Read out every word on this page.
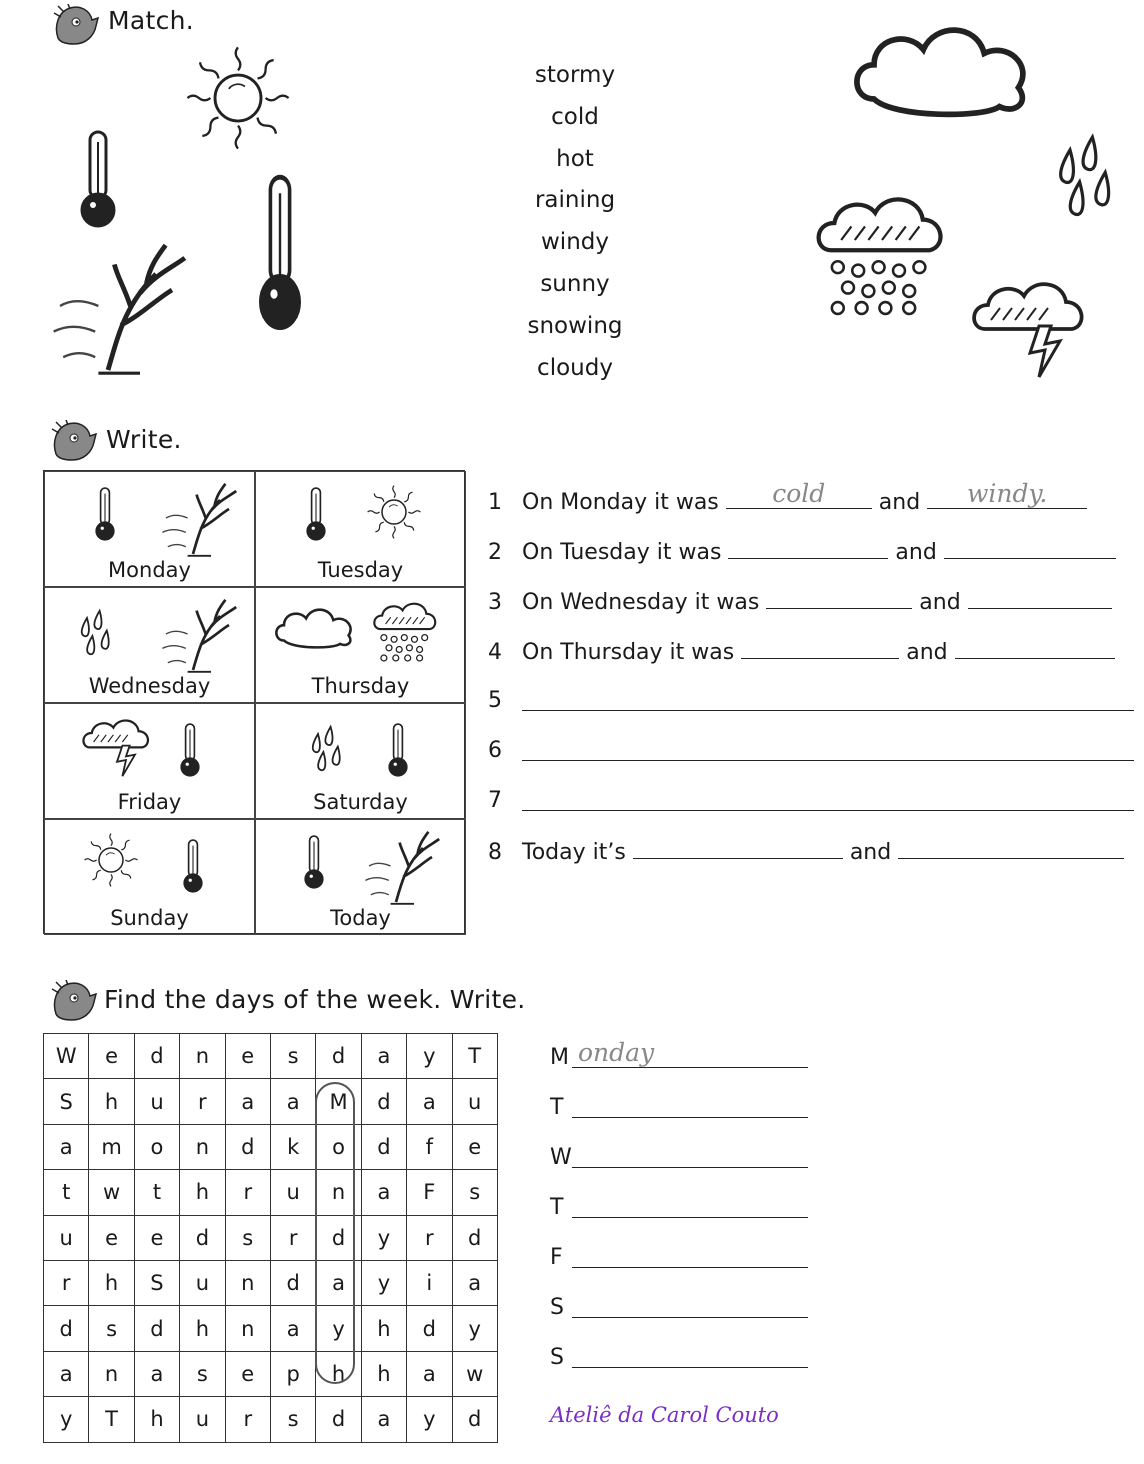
Match.
stormy
cold
hot
raining
windy
sunny
snowing
cloudy
Write.
Monday	Tuesday
Wednesday	Thursday
Friday	Saturday
Sunday	Today
1 On Monday it was	cold	and	windy.
2 On Tuesday it was	and
3 On Wednesday it was	and
4 On Thursday it was	and
5
6
7
8 Today it’s	and
Find the days of the week. Write.
W	e	d	n	e	s	d	a	y	T
S	h	u	r	a	a	M	d	a	u
a	m	o	n	d	k	o	d	f	e
t	w	t	h	r	u	n	a	F	s
u	e	e	d	s	r	d	y	r	d
r	h	S	u	n	d	a	y	i	a
d	s	d	h	n	a	y	h	d	y
a	n	a	s	e	p	h	h	a	w
y	T	h	u	r	s	d	a	y	d
M onday
T
W
T
F
S
S
Ateliê da Carol Couto
